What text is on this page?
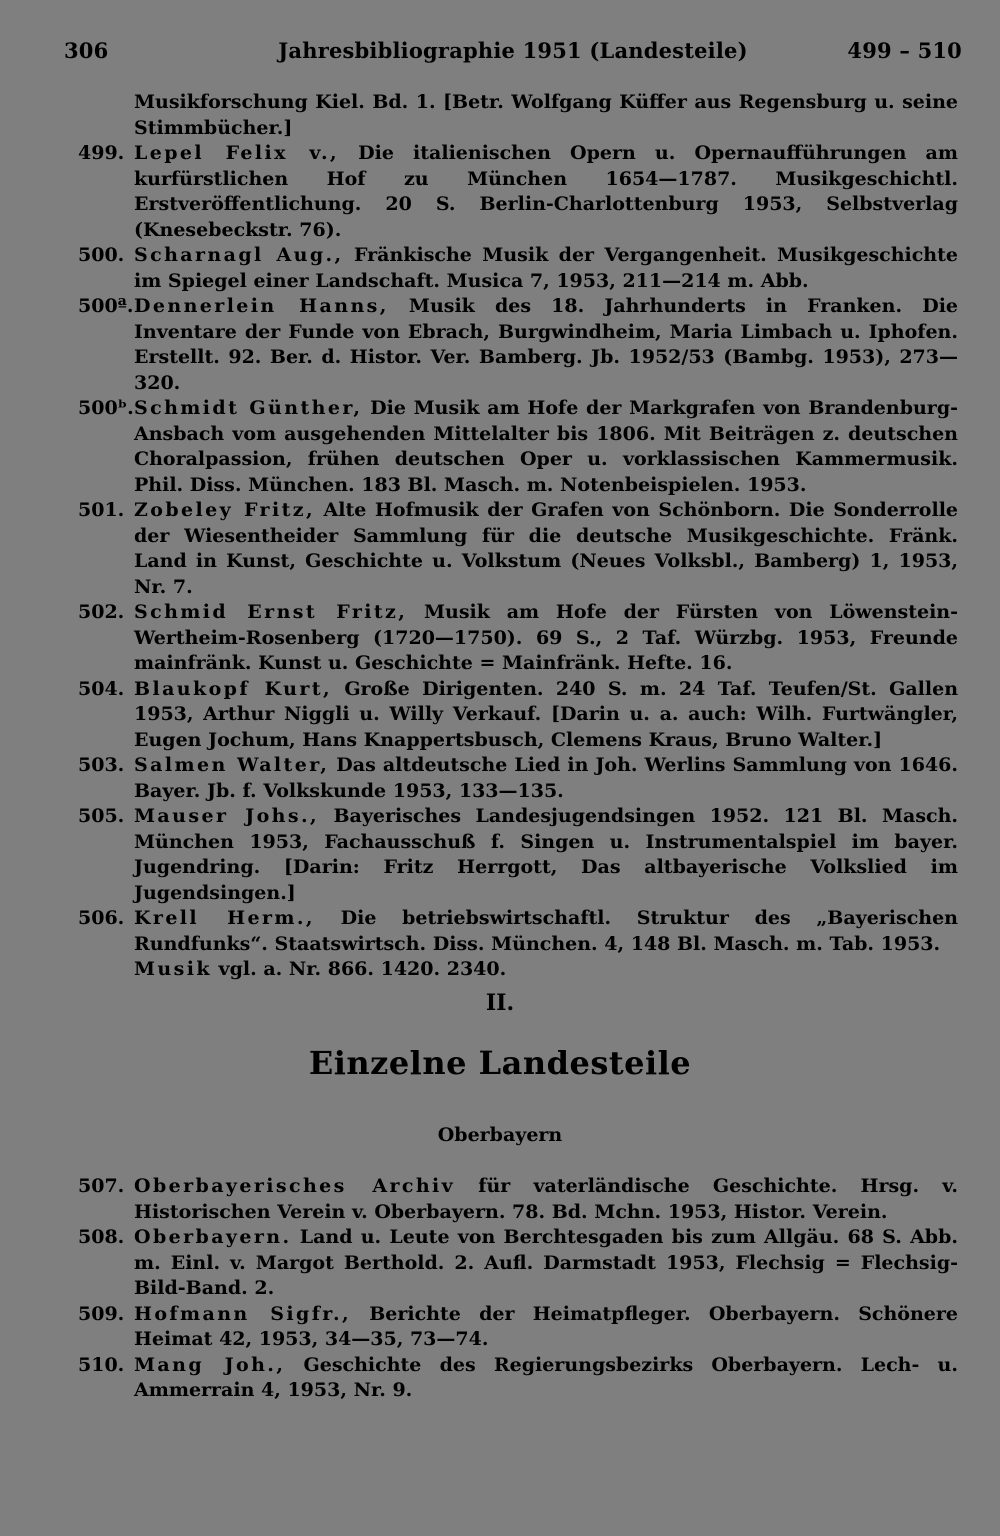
306	Jahresbibliographie 1951 (Landesteile)	499 – 510

Musikforschung Kiel. Bd. 1. [Betr. Wolfgang Küffer aus Regensburg u. seine Stimmbücher.]

499. Lepel Felix v., Die italienischen Opern u. Opernaufführungen am kurfürstlichen Hof zu München 1654—1787. Musikgeschichtl. Erstveröffentlichung. 20 S. Berlin-Charlottenburg 1953, Selbstverlag (Knesebeckstr. 76).

500. Scharnagl Aug., Fränkische Musik der Vergangenheit. Musikgeschichte im Spiegel einer Landschaft. Musica 7, 1953, 211—214 m. Abb.

500ª. Dennerlein Hanns, Musik des 18. Jahrhunderts in Franken. Die Inventare der Funde von Ebrach, Burgwindheim, Maria Limbach u. Iphofen. Erstellt. 92. Ber. d. Histor. Ver. Bamberg. Jb. 1952/53 (Bambg. 1953), 273—320.

500ᵇ. Schmidt Günther, Die Musik am Hofe der Markgrafen von Brandenburg-Ansbach vom ausgehenden Mittelalter bis 1806. Mit Beiträgen z. deutschen Choralpassion, frühen deutschen Oper u. vorklassischen Kammermusik. Phil. Diss. München. 183 Bl. Masch. m. Notenbeispielen. 1953.

501. Zobeley Fritz, Alte Hofmusik der Grafen von Schönborn. Die Sonderrolle der Wiesentheider Sammlung für die deutsche Musikgeschichte. Fränk. Land in Kunst, Geschichte u. Volkstum (Neues Volksbl., Bamberg) 1, 1953, Nr. 7.

502. Schmid Ernst Fritz, Musik am Hofe der Fürsten von Löwenstein-Wertheim-Rosenberg (1720—1750). 69 S., 2 Taf. Würzbg. 1953, Freunde mainfränk. Kunst u. Geschichte = Mainfränk. Hefte. 16.

504. Blaukopf Kurt, Große Dirigenten. 240 S. m. 24 Taf. Teufen/St. Gallen 1953, Arthur Niggli u. Willy Verkauf. [Darin u. a. auch: Wilh. Furtwängler, Eugen Jochum, Hans Knappertsbusch, Clemens Kraus, Bruno Walter.]

503. Salmen Walter, Das altdeutsche Lied in Joh. Werlins Sammlung von 1646. Bayer. Jb. f. Volkskunde 1953, 133—135.

505. Mauser Johs., Bayerisches Landesjugendsingen 1952. 121 Bl. Masch. München 1953, Fachausschuß f. Singen u. Instrumentalspiel im bayer. Jugendring. [Darin: Fritz Herrgott, Das altbayerische Volkslied im Jugendsingen.]

506. Krell Herm., Die betriebswirtschaftl. Struktur des „Bayerischen Rundfunks“. Staatswirtsch. Diss. München. 4, 148 Bl. Masch. m. Tab. 1953.

Musik vgl. a. Nr. 866. 1420. 2340.

II.
Einzelne Landesteile
Oberbayern

507. Oberbayerisches Archiv für vaterländische Geschichte. Hrsg. v. Historischen Verein v. Oberbayern. 78. Bd. Mchn. 1953, Histor. Verein.

508. Oberbayern. Land u. Leute von Berchtesgaden bis zum Allgäu. 68 S. Abb. m. Einl. v. Margot Berthold. 2. Aufl. Darmstadt 1953, Flechsig = Flechsig-Bild-Band. 2.

509. Hofmann Sigfr., Berichte der Heimatpfleger. Oberbayern. Schönere Heimat 42, 1953, 34—35, 73—74.

510. Mang Joh., Geschichte des Regierungsbezirks Oberbayern. Lech- u. Ammerrain 4, 1953, Nr. 9.
